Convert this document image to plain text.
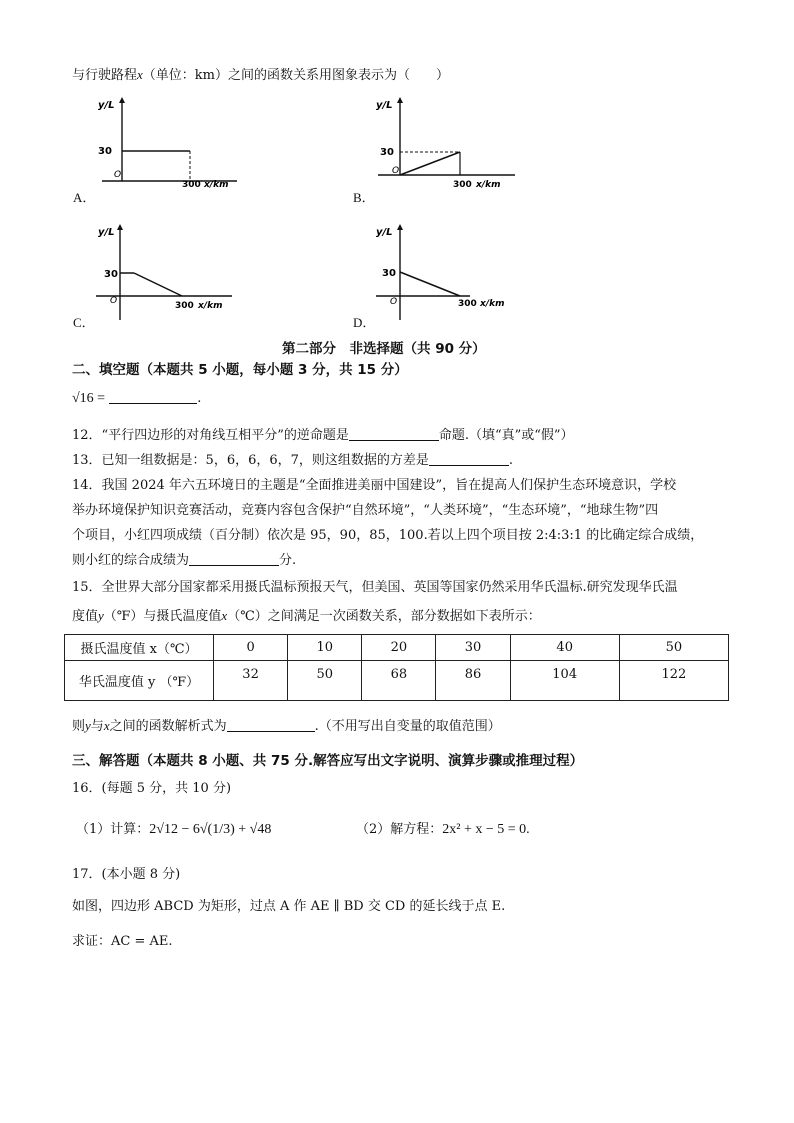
与行驶路程x（单位：km）之间的函数关系用图象表示为（　　）
y/L
30
O
300 x/km
A．
y/L
30
O
300 x/km
B．
y/L
30
O	300 x/km
C．
y/L
30
O	300 x/km
D．
第二部分　非选择题（共 90 分）
二、填空题（本题共 5 小题，每小题 3 分，共 15 分）
√16 =	.
12．“平行四边形的对角线互相平分”的逆命题是	命题.（填“真”或“假”）
13．已知一组数据是：5，6，6，6，7，则这组数据的方差是	.
14．我国 2024 年六五环境日的主题是“全面推进美丽中国建设”，旨在提高人们保护生态环境意识，学校
举办环境保护知识竞赛活动，竞赛内容包含保护“自然环境”，“人类环境”，“生态环境”，“地球生物”四
个项目，小红四项成绩（百分制）依次是 95，90，85，100.若以上四个项目按 2:4:3:1 的比确定综合成绩，
则小红的综合成绩为	分.
15．全世界大部分国家都采用摄氏温标预报天气，但美国、英国等国家仍然采用华氏温标.研究发现华氏温
度值y（℉）与摄氏温度值x（℃）之间满足一次函数关系，部分数据如下表所示：
摄氏温度值 x（℃）	0	10	20	30	40	50
华氏温度值 y （℉）	32	50	68	86	104	122
则y与x之间的函数解析式为	.（不用写出自变量的取值范围）
三、解答题（本题共 8 小题、共 75 分.解答应写出文字说明、演算步骤或推理过程）
16．(每题 5 分，共 10 分)
（1）计算：2√12 − 6√(1/3) + √48	（2）解方程：2x² + x − 5 = 0.
17．(本小题 8 分)
如图，四边形 ABCD 为矩形，过点 A 作 AE ∥ BD 交 CD 的延长线于点 E.
求证：AC = AE.
